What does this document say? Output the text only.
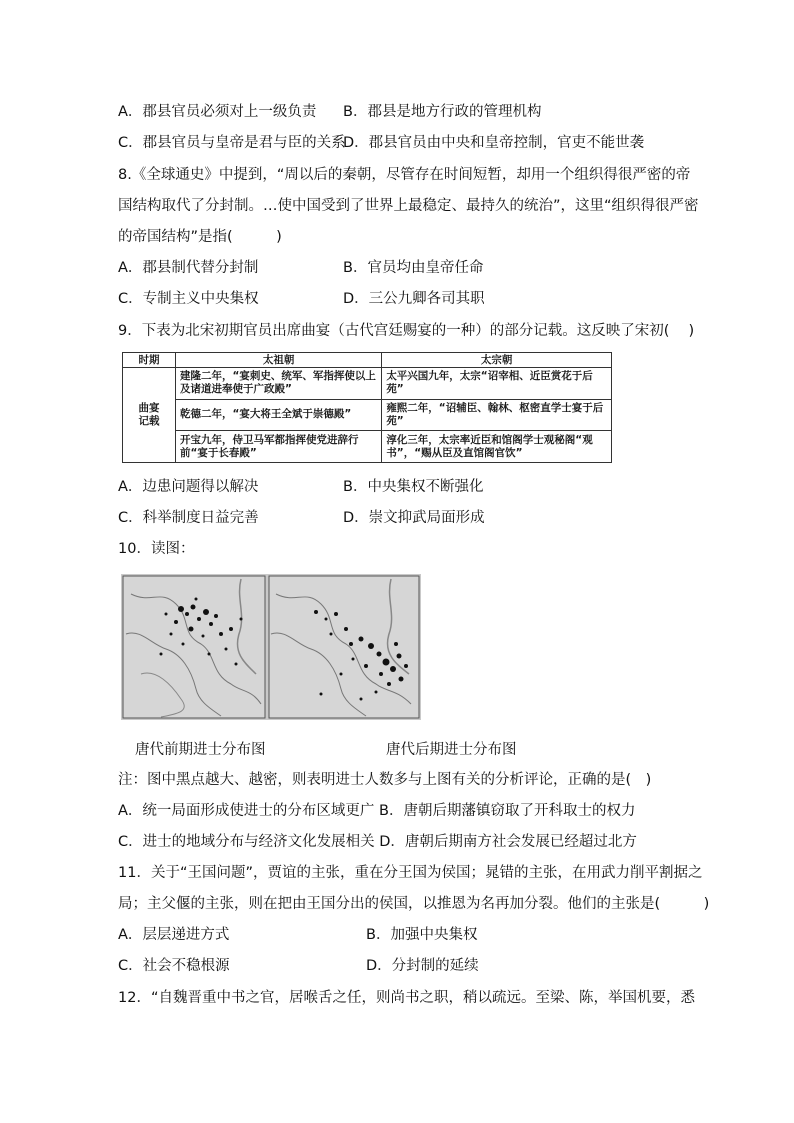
A．郡县官员必须对上一级负责 B．郡县是地方行政的管理机构
C．郡县官员与皇帝是君与臣的关系
D．郡县官员由中央和皇帝控制，官吏不能世袭
8.《全球通史》中提到，“周以后的秦朝，尽管存在时间短暂，却用一个组织得很严密的帝
国结构取代了分封制。…使中国受到了世界上最稳定、最持久的统治”，这里“组织得很严密
的帝国结构”是指(　　　)
A．郡县制代替分封制	B．官员均由皇帝任命
C．专制主义中央集权	D．三公九卿各司其职
9．下表为北宋初期官员出席曲宴（古代宫廷赐宴的一种）的部分记载。这反映了宋初(　 )
时期	太祖朝	太宗朝
曲宴
记载	建隆二年，“宴刺史、统军、军指挥使以上及诸道进奉使于广政殿”	太平兴国九年，太宗“诏宰相、近臣赏花于后苑”
	乾德二年，“宴大将王全斌于崇德殿”	雍熙二年，“诏辅臣、翰林、枢密直学士宴于后苑”
	开宝九年，侍卫马军都指挥使党进辞行前“宴于长春殿”	淳化三年，太宗率近臣和馆阁学士观秘阁“观书”，“赐从臣及直馆阁官饮”
A．边患问题得以解决	B．中央集权不断强化
C．科举制度日益完善	D．崇文抑武局面形成
10．读图：
唐代前期进士分布图	唐代后期进士分布图
注：图中黑点越大、越密，则表明进士人数多与上图有关的分析评论，正确的是(　)
A．统一局面形成使进士的分布区域更广 B．唐朝后期藩镇窃取了开科取士的权力
C．进士的地域分布与经济文化发展相关 D．唐朝后期南方社会发展已经超过北方
11．关于“王国问题”，贾谊的主张，重在分王国为侯国；晁错的主张，在用武力削平割据之
局；主父偃的主张，则在把由王国分出的侯国，以推恩为名再加分裂。他们的主张是(　　　)
A．层层递进方式	B．加强中央集权
C．社会不稳根源	D．分封制的延续
12．“自魏晋重中书之官，居喉舌之任，则尚书之职，稍以疏远。至梁、陈，举国机要，悉
